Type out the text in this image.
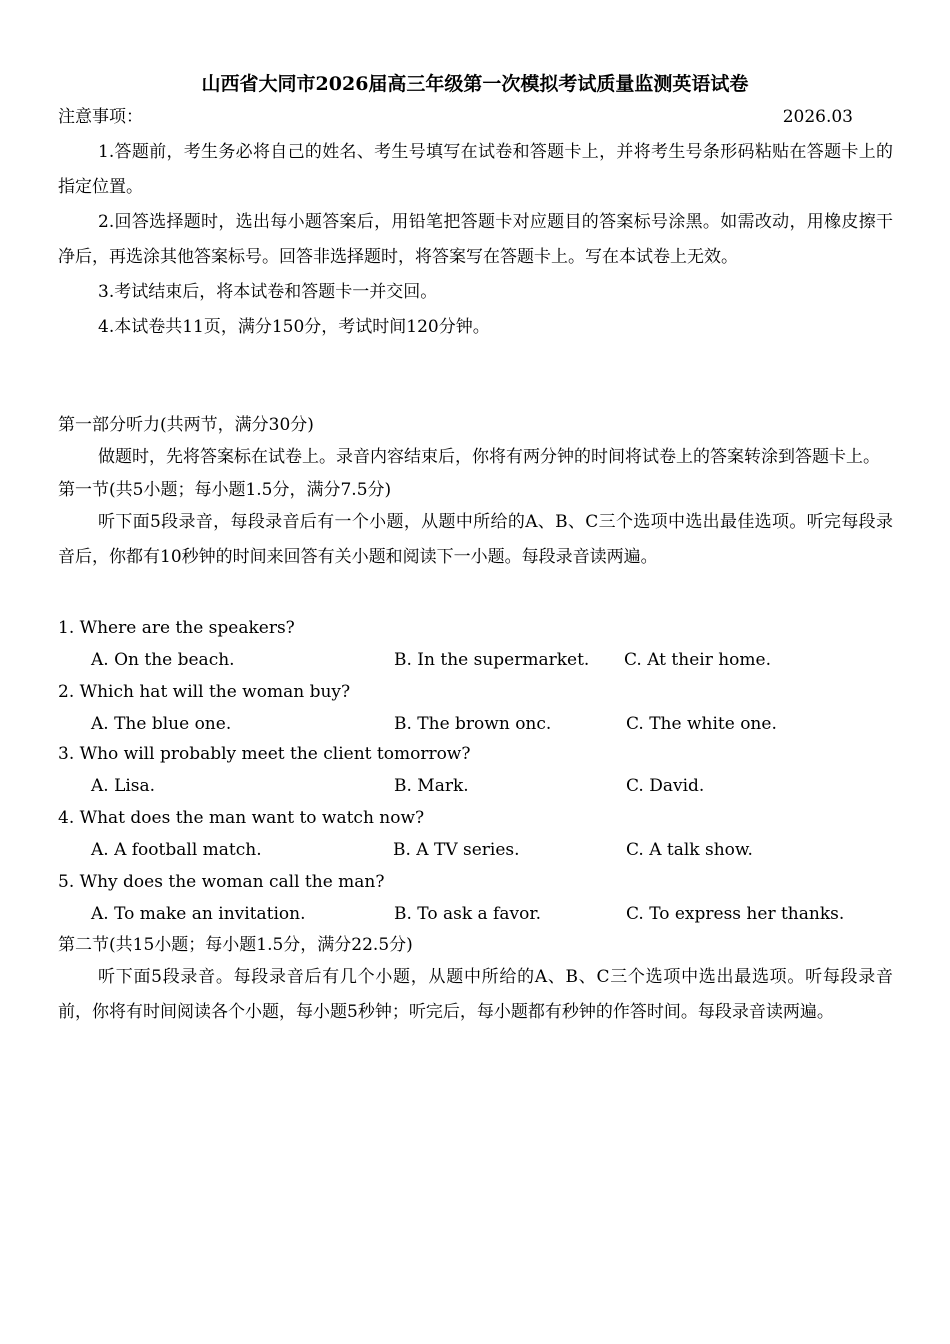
山西省大同市2026届高三年级第一次模拟考试质量监测英语试卷
注意事项：	2026.03

1.答题前，考生务必将自己的姓名、考生号填写在试卷和答题卡上，并将考生号条形码粘贴在答题卡上的指定位置。

2.回答选择题时，选出每小题答案后，用铅笔把答题卡对应题目的答案标号涂黑。如需改动，用橡皮擦干净后，再选涂其他答案标号。回答非选择题时，将答案写在答题卡上。写在本试卷上无效。

3.考试结束后，将本试卷和答题卡一并交回。

4.本试卷共11页，满分150分，考试时间120分钟。

第一部分听力(共两节，满分30分)

做题时，先将答案标在试卷上。录音内容结束后，你将有两分钟的时间将试卷上的答案转涂到答题卡上。

第一节(共5小题；每小题1.5分，满分7.5分)

听下面5段录音，每段录音后有一个小题，从题中所给的A、B、C三个选项中选出最佳选项。听完每段录音后，你都有10秒钟的时间来回答有关小题和阅读下一小题。每段录音读两遍。

1. Where are the speakers?
A. On the beach.	B. In the supermarket. C. At their home.
2. Which hat will the woman buy?
A. The blue one.	B. The brown onc.	C. The white one.
3. Who will probably meet the client tomorrow?
A. Lisa.	B. Mark.	C. David.
4. What does the man want to watch now?
A. A football match.	B. A TV series.	C. A talk show.
5. Why does the woman call the man?
A. To make an invitation.	B. To ask a favor.	C. To express her thanks.

第二节(共15小题；每小题1.5分，满分22.5分)

听下面5段录音。每段录音后有几个小题，从题中所给的A、B、C三个选项中选出最选项。听每段录音前，你将有时间阅读各个小题，每小题5秒钟；听完后，每小题都有秒钟的作答时间。每段录音读两遍。
